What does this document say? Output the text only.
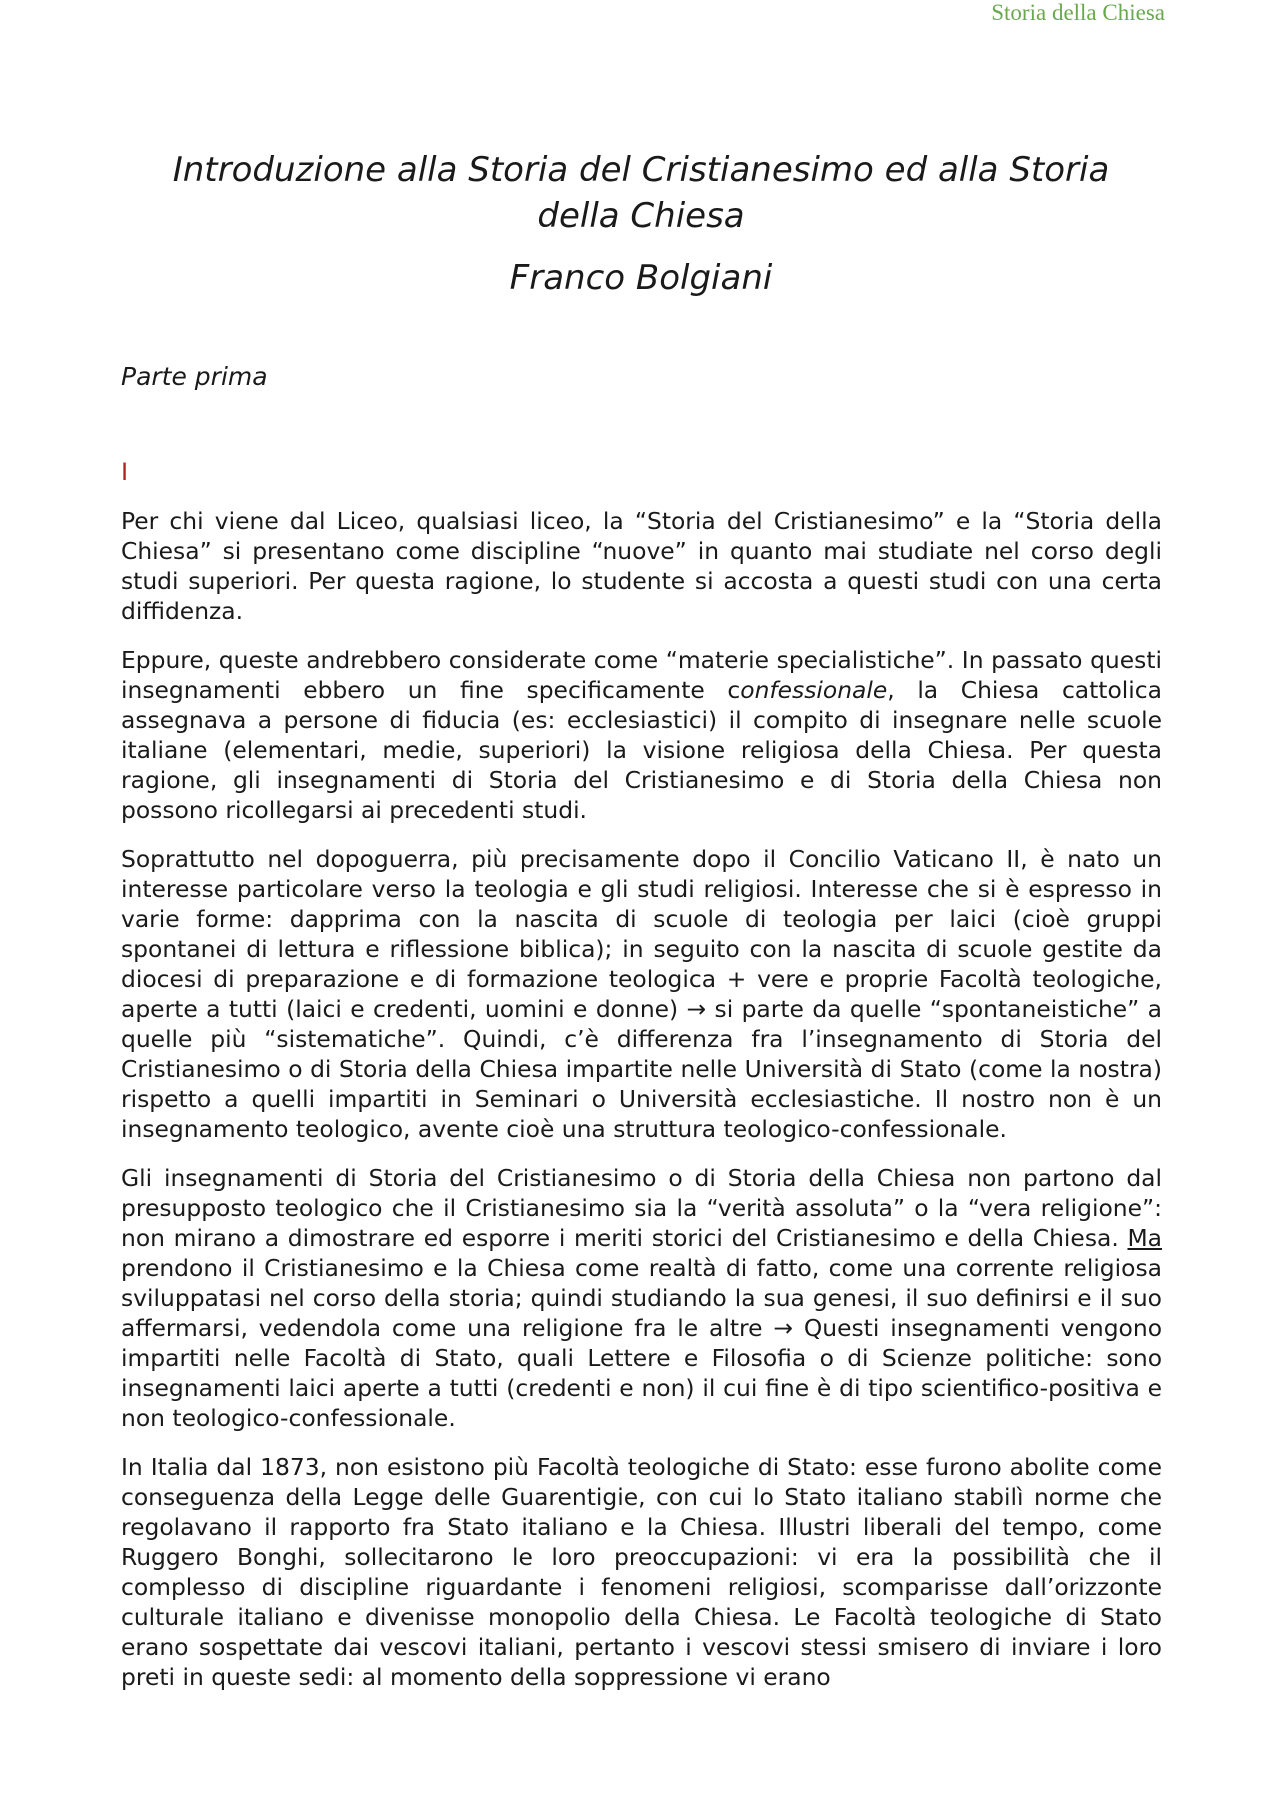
Storia della Chiesa
Introduzione alla Storia del Cristianesimo ed alla Storia
della Chiesa
Franco Bolgiani
Parte prima
I

Per chi viene dal Liceo, qualsiasi liceo, la “Storia del Cristianesimo” e la “Storia della Chiesa” si presentano come discipline “nuove” in quanto mai studiate nel corso degli studi superiori. Per questa ragione, lo studente si accosta a questi studi con una certa diffidenza.

Eppure, queste andrebbero considerate come “materie specialistiche”. In passato questi insegnamenti ebbero un fine specificamente confessionale, la Chiesa cattolica assegnava a persone di fiducia (es: ecclesiastici) il compito di insegnare nelle scuole italiane (elementari, medie, superiori) la visione religiosa della Chiesa. Per questa ragione, gli insegnamenti di Storia del Cristianesimo e di Storia della Chiesa non possono ricollegarsi ai precedenti studi.

Soprattutto nel dopoguerra, più precisamente dopo il Concilio Vaticano II, è nato un interesse particolare verso la teologia e gli studi religiosi. Interesse che si è espresso in varie forme: dapprima con la nascita di scuole di teologia per laici (cioè gruppi spontanei di lettura e riflessione biblica); in seguito con la nascita di scuole gestite da diocesi di preparazione e di formazione teologica + vere e proprie Facoltà teologiche, aperte a tutti (laici e credenti, uomini e donne) → si parte da quelle “spontaneistiche” a quelle più “sistematiche”. Quindi, c’è differenza fra l’insegnamento di Storia del Cristianesimo o di Storia della Chiesa impartite nelle Università di Stato (come la nostra) rispetto a quelli impartiti in Seminari o Università ecclesiastiche. Il nostro non è un insegnamento teologico, avente cioè una struttura teologico-confessionale.

Gli insegnamenti di Storia del Cristianesimo o di Storia della Chiesa non partono dal presupposto teologico che il Cristianesimo sia la “verità assoluta” o la “vera religione”: non mirano a dimostrare ed esporre i meriti storici del Cristianesimo e della Chiesa. Ma prendono il Cristianesimo e la Chiesa come realtà di fatto, come una corrente religiosa sviluppatasi nel corso della storia; quindi studiando la sua genesi, il suo definirsi e il suo affermarsi, vedendola come una religione fra le altre → Questi insegnamenti vengono impartiti nelle Facoltà di Stato, quali Lettere e Filosofia o di Scienze politiche: sono insegnamenti laici aperte a tutti (credenti e non) il cui fine è di tipo scientifico-positiva e non teologico-confessionale.

In Italia dal 1873, non esistono più Facoltà teologiche di Stato: esse furono abolite come conseguenza della Legge delle Guarentigie, con cui lo Stato italiano stabilì norme che regolavano il rapporto fra Stato italiano e la Chiesa. Illustri liberali del tempo, come Ruggero Bonghi, sollecitarono le loro preoccupazioni: vi era la possibilità che il complesso di discipline riguardante i fenomeni religiosi, scomparisse dall’orizzonte culturale italiano e divenisse monopolio della Chiesa. Le Facoltà teologiche di Stato erano sospettate dai vescovi italiani, pertanto i vescovi stessi smisero di inviare i loro preti in queste sedi: al momento della soppressione vi erano
